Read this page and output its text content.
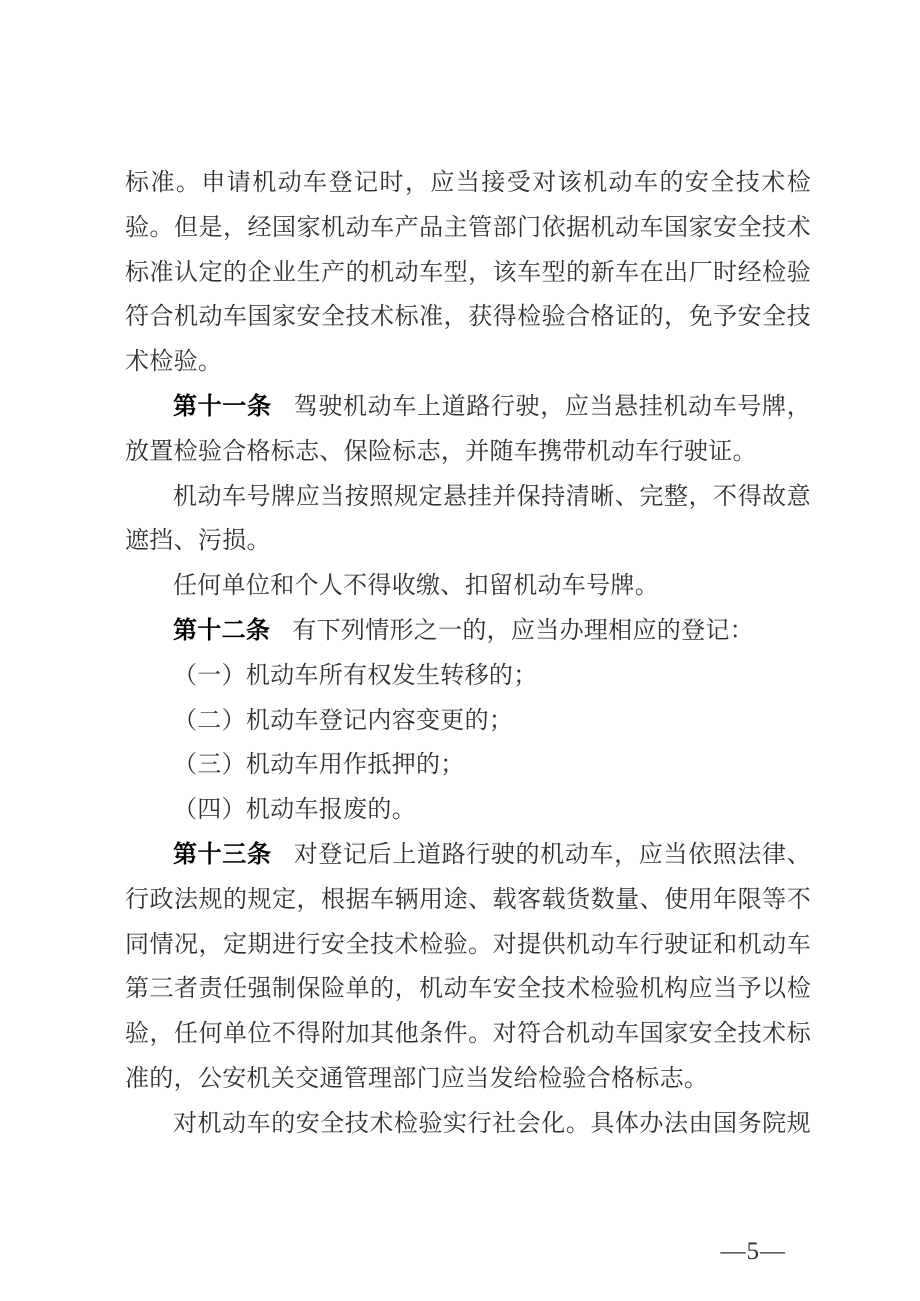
标准。申请机动车登记时，应当接受对该机动车的安全技术检验。但是，经国家机动车产品主管部门依据机动车国家安全技术标准认定的企业生产的机动车型，该车型的新车在出厂时经检验符合机动车国家安全技术标准，获得检验合格证的，免予安全技术检验。

第十一条 驾驶机动车上道路行驶，应当悬挂机动车号牌，放置检验合格标志、保险标志，并随车携带机动车行驶证。

机动车号牌应当按照规定悬挂并保持清晰、完整，不得故意遮挡、污损。

任何单位和个人不得收缴、扣留机动车号牌。

第十二条 有下列情形之一的，应当办理相应的登记：

（一）机动车所有权发生转移的；

（二）机动车登记内容变更的；

（三）机动车用作抵押的；

（四）机动车报废的。

第十三条 对登记后上道路行驶的机动车，应当依照法律、行政法规的规定，根据车辆用途、载客载货数量、使用年限等不同情况，定期进行安全技术检验。对提供机动车行驶证和机动车第三者责任强制保险单的，机动车安全技术检验机构应当予以检验，任何单位不得附加其他条件。对符合机动车国家安全技术标准的，公安机关交通管理部门应当发给检验合格标志。

对机动车的安全技术检验实行社会化。具体办法由国务院规

—5—
